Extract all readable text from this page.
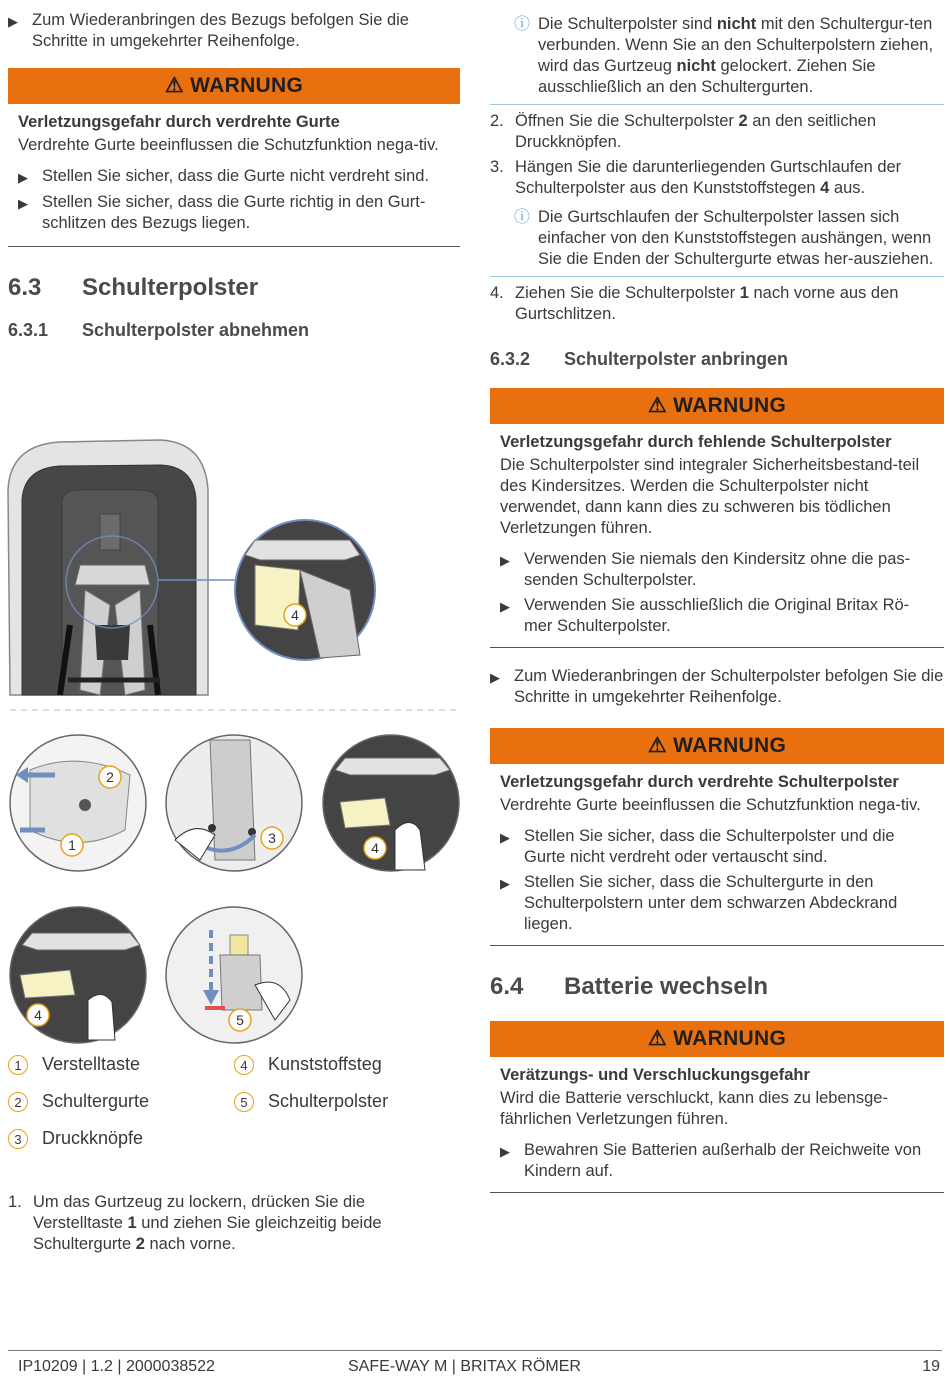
▶ Zum Wiederanbringen des Bezugs befolgen Sie die Schritte in umgekehrter Reihenfolge.
⚠ WARNUNG
Verletzungsgefahr durch verdrehte Gurte
Verdrehte Gurte beeinflussen die Schutzfunktion nega-tiv.
▶ Stellen Sie sicher, dass die Gurte nicht verdreht sind.
▶ Stellen Sie sicher, dass die Gurte richtig in den Gurt-schlitzen des Bezugs liegen.
6.3	Schulterpolster
6.3.1	Schulterpolster abnehmen
4
2
1	3
4
4	5
1	Verstelltaste
2	Schultergurte
3	Druckknöpfe
4	Kunststoffsteg
5	Schulterpolster
1. Um das Gurtzeug zu lockern, drücken Sie die Verstelltaste 1 und ziehen Sie gleichzeitig beide Schultergurte 2 nach vorne.
ⓘ Die Schulterpolster sind nicht mit den Schultergur-ten verbunden. Wenn Sie an den Schulterpolstern ziehen, wird das Gurtzeug nicht gelockert. Ziehen Sie ausschließlich an den Schultergurten.
2. Öffnen Sie die Schulterpolster 2 an den seitlichen Druckknöpfen.
3. Hängen Sie die darunterliegenden Gurtschlaufen der Schulterpolster aus den Kunststoffstegen 4 aus.
ⓘ Die Gurtschlaufen der Schulterpolster lassen sich einfacher von den Kunststoffstegen aushängen, wenn Sie die Enden der Schultergurte etwas her-ausziehen.
4. Ziehen Sie die Schulterpolster 1 nach vorne aus den Gurtschlitzen.
6.3.2	Schulterpolster anbringen
⚠ WARNUNG
Verletzungsgefahr durch fehlende Schulterpolster
Die Schulterpolster sind integraler Sicherheitsbestand-teil des Kindersitzes. Werden die Schulterpolster nicht verwendet, dann kann dies zu schweren bis tödlichen Verletzungen führen.
▶ Verwenden Sie niemals den Kindersitz ohne die pas-senden Schulterpolster.
▶ Verwenden Sie ausschließlich die Original Britax Rö-mer Schulterpolster.
▶ Zum Wiederanbringen der Schulterpolster befolgen Sie die Schritte in umgekehrter Reihenfolge.
⚠ WARNUNG
Verletzungsgefahr durch verdrehte Schulterpolster
Verdrehte Gurte beeinflussen die Schutzfunktion nega-tiv.
▶ Stellen Sie sicher, dass die Schulterpolster und die Gurte nicht verdreht oder vertauscht sind.
▶ Stellen Sie sicher, dass die Schultergurte in den Schulterpolstern unter dem schwarzen Abdeckrand liegen.
6.4	Batterie wechseln
⚠ WARNUNG
Verätzungs- und Verschluckungsgefahr
Wird die Batterie verschluckt, kann dies zu lebensge-fährlichen Verletzungen führen.
▶ Bewahren Sie Batterien außerhalb der Reichweite von Kindern auf.
IP10209 | 1.2 | 2000038522	SAFE-WAY M | BRITAX RÖMER	19
